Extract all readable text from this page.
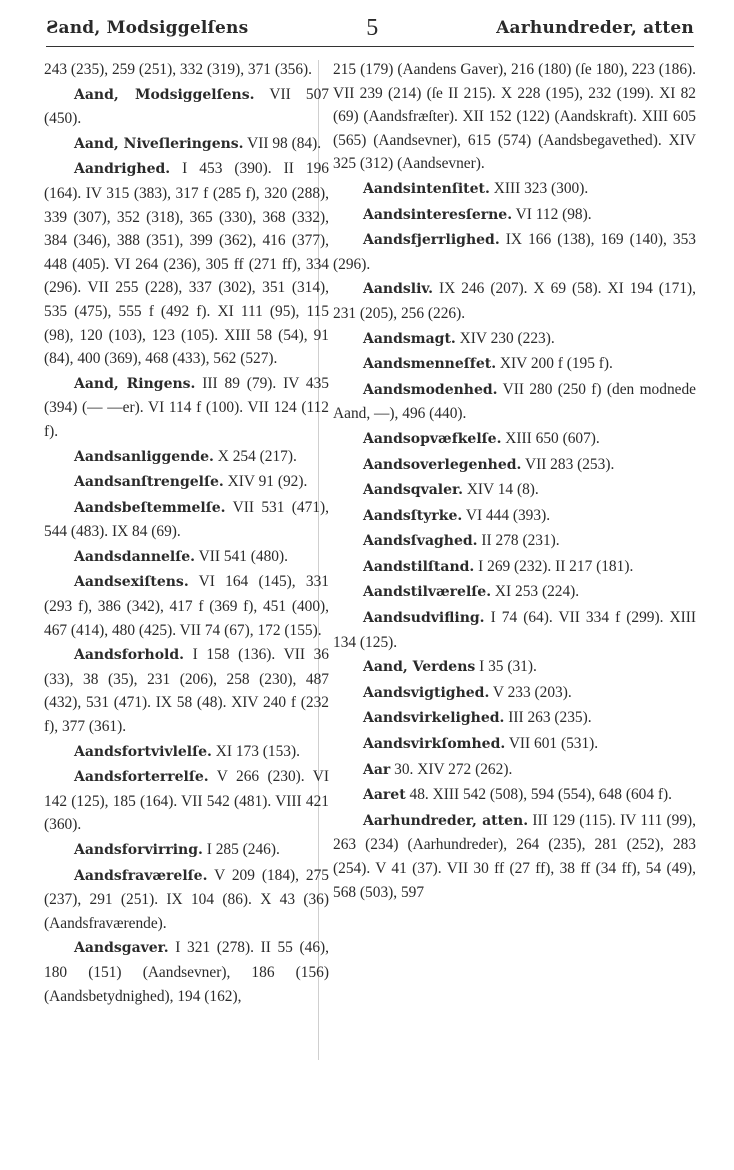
Ƨand, Modsiggelſens	5	Aarhundreder, atten

243 (235), 259 (251), 332 (319), 371 (356).

Aand, Modsiggelſens. VII 507 (450).

Aand, Niveſleringens. VII 98 (84).

Aandrighed. I 453 (390). II 196 (164). IV 315 (383), 317 f (285 f), 320 (288), 339 (307), 352 (318), 365 (330), 368 (332), 384 (346), 388 (351), 399 (362), 416 (377), 448 (405). VI 264 (236), 305 ff (271 ff), 334 (296). VII 255 (228), 337 (302), 351 (314), 535 (475), 555 f (492 f). XI 111 (95), 115 (98), 120 (103), 123 (105). XIII 58 (54), 91 (84), 400 (369), 468 (433), 562 (527).

Aand, Ringens. III 89 (79). IV 435 (394) (— —er). VI 114 f (100). VII 124 (112 f).

Aandsanliggende. X 254 (217).

Aandsanſtrengelſe. XIV 91 (92).

Aandsbeſtemmelſe. VII 531 (471), 544 (483). IX 84 (69).

Aandsdannelſe. VII 541 (480).

Aandsexiſtens. VI 164 (145), 331 (293 f), 386 (342), 417 f (369 f), 451 (400), 467 (414), 480 (425). VII 74 (67), 172 (155).

Aandsforhold. I 158 (136). VII 36 (33), 38 (35), 231 (206), 258 (230), 487 (432), 531 (471). IX 58 (48). XIV 240 f (232 f), 377 (361).

Aandsfortvivlelſe. XI 173 (153).

Aandsforterrelſe. V 266 (230). VI 142 (125), 185 (164). VII 542 (481). VIII 421 (360).

Aandsforvirring. I 285 (246).

Aandsfraværelſe. V 209 (184), 275 (237), 291 (251). IX 104 (86). X 43 (36) (Aandsfraværende).

Aandsgaver. I 321 (278). II 55 (46), 180 (151) (Aandsevner), 186 (156) (Aandsbetydnighed), 194 (162),

215 (179) (Aandens Gaver), 216 (180) (ſe 180), 223 (186). VII 239 (214) (ſe II 215). X 228 (195), 232 (199). XI 82 (69) (Aandsfræſter). XII 152 (122) (Aandskraft). XIII 605 (565) (Aandsevner), 615 (574) (Aandsbegavethed). XIV 325 (312) (Aandsevner).

Aandsintenſitet. XIII 323 (300).

Aandsinteresſerne. VI 112 (98).

Aandsfjerrlighed. IX 166 (138), 169 (140), 353 (296).

Aandsliv. IX 246 (207). X 69 (58). XI 194 (171), 231 (205), 256 (226).

Aandsmagt. XIV 230 (223).

Aandsmenneſfet. XIV 200 f (195 f).

Aandsmodenhed. VII 280 (250 f) (den modnede Aand, —), 496 (440).

Aandsopvæfkelſe. XIII 650 (607).

Aandsoverlegenhed. VII 283 (253).

Aandsqvaler. XIV 14 (8).

Aandsſtyrke. VI 444 (393).

Aandsſvaghed. II 278 (231).

Aandstilſtand. I 269 (232). II 217 (181).

Aandstilværelſe. XI 253 (224).

Aandsudvifling. I 74 (64). VII 334 f (299). XIII 134 (125).

Aand, Verdens I 35 (31).

Aandsvigtighed. V 233 (203).

Aandsvirkelighed. III 263 (235).

Aandsvirkſomhed. VII 601 (531).

Aar 30. XIV 272 (262).

Aaret 48. XIII 542 (508), 594 (554), 648 (604 f).

Aarhundreder, atten. III 129 (115). IV 111 (99), 263 (234) (Aarhundreder), 264 (235), 281 (252), 283 (254). V 41 (37). VII 30 ff (27 ff), 38 ff (34 ff), 54 (49), 568 (503), 597
